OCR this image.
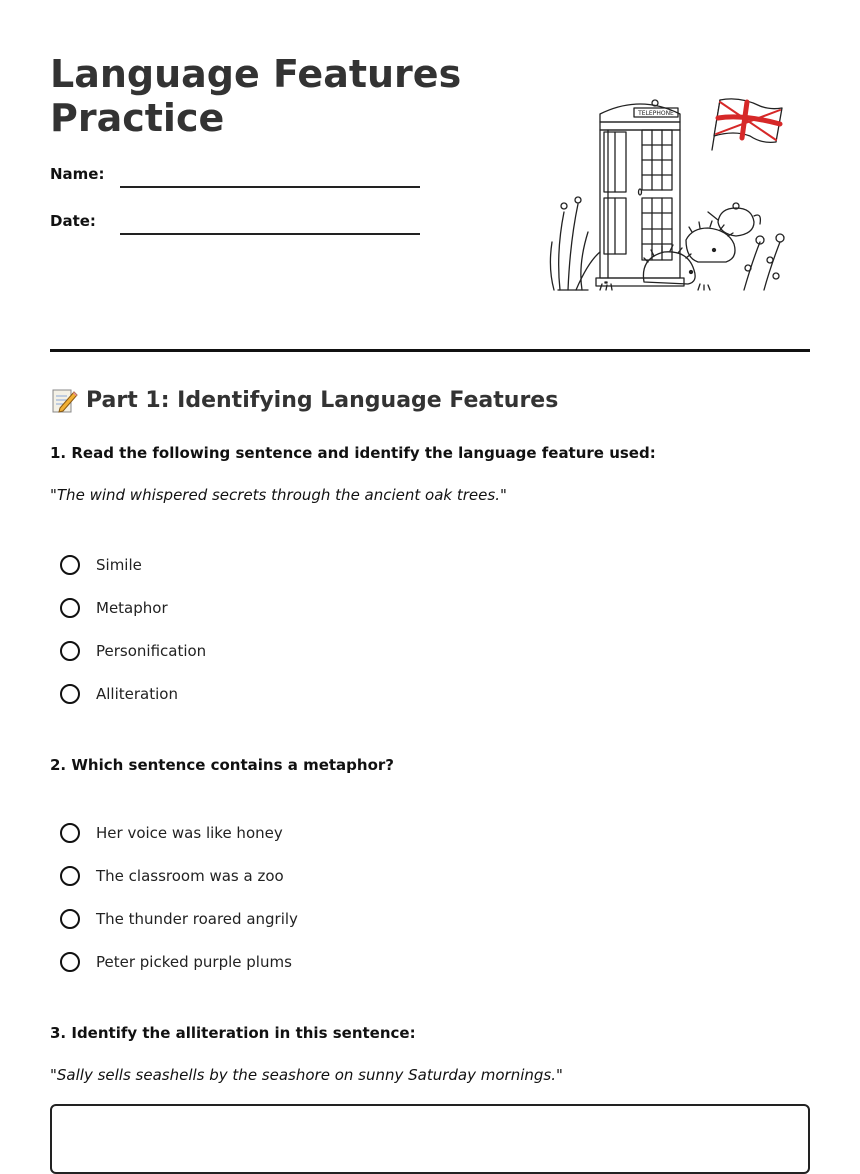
Language Features Practice
Name:
Date:
TELEPHONE
Part 1: Identifying Language Features

1. Read the following sentence and identify the language feature used:

"The wind whispered secrets through the ancient oak trees."

Simile
Metaphor
Personification
Alliteration

2. Which sentence contains a metaphor?

Her voice was like honey
The classroom was a zoo
The thunder roared angrily
Peter picked purple plums

3. Identify the alliteration in this sentence:

"Sally sells seashells by the seashore on sunny Saturday mornings."
